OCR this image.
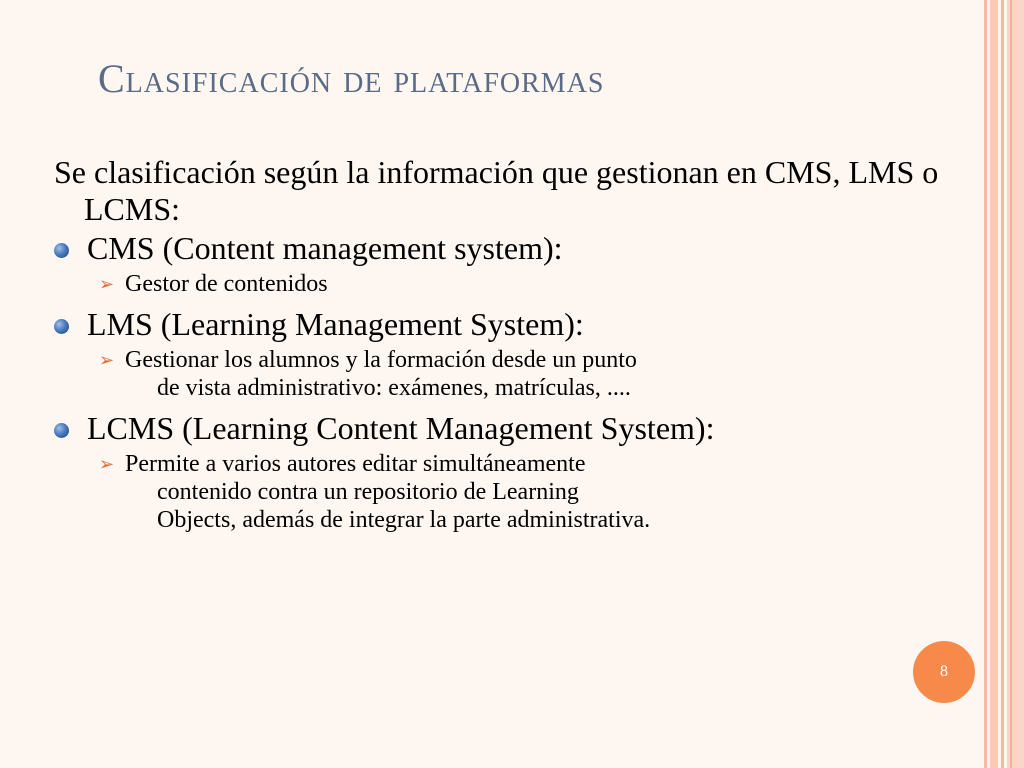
Clasificación de plataformas

Se clasificación según la información que gestionan en CMS, LMS o LCMS:

CMS (Content management system):
➢ Gestor de contenidos
LMS (Learning Management System):
➢ Gestionar los alumnos y la formación desde un punto
de vista administrativo: exámenes, matrículas, ....
LCMS (Learning Content Management System):
➢ Permite a varios autores editar simultáneamente
contenido contra un repositorio de Learning
Objects, además de integrar la parte administrativa.
8
